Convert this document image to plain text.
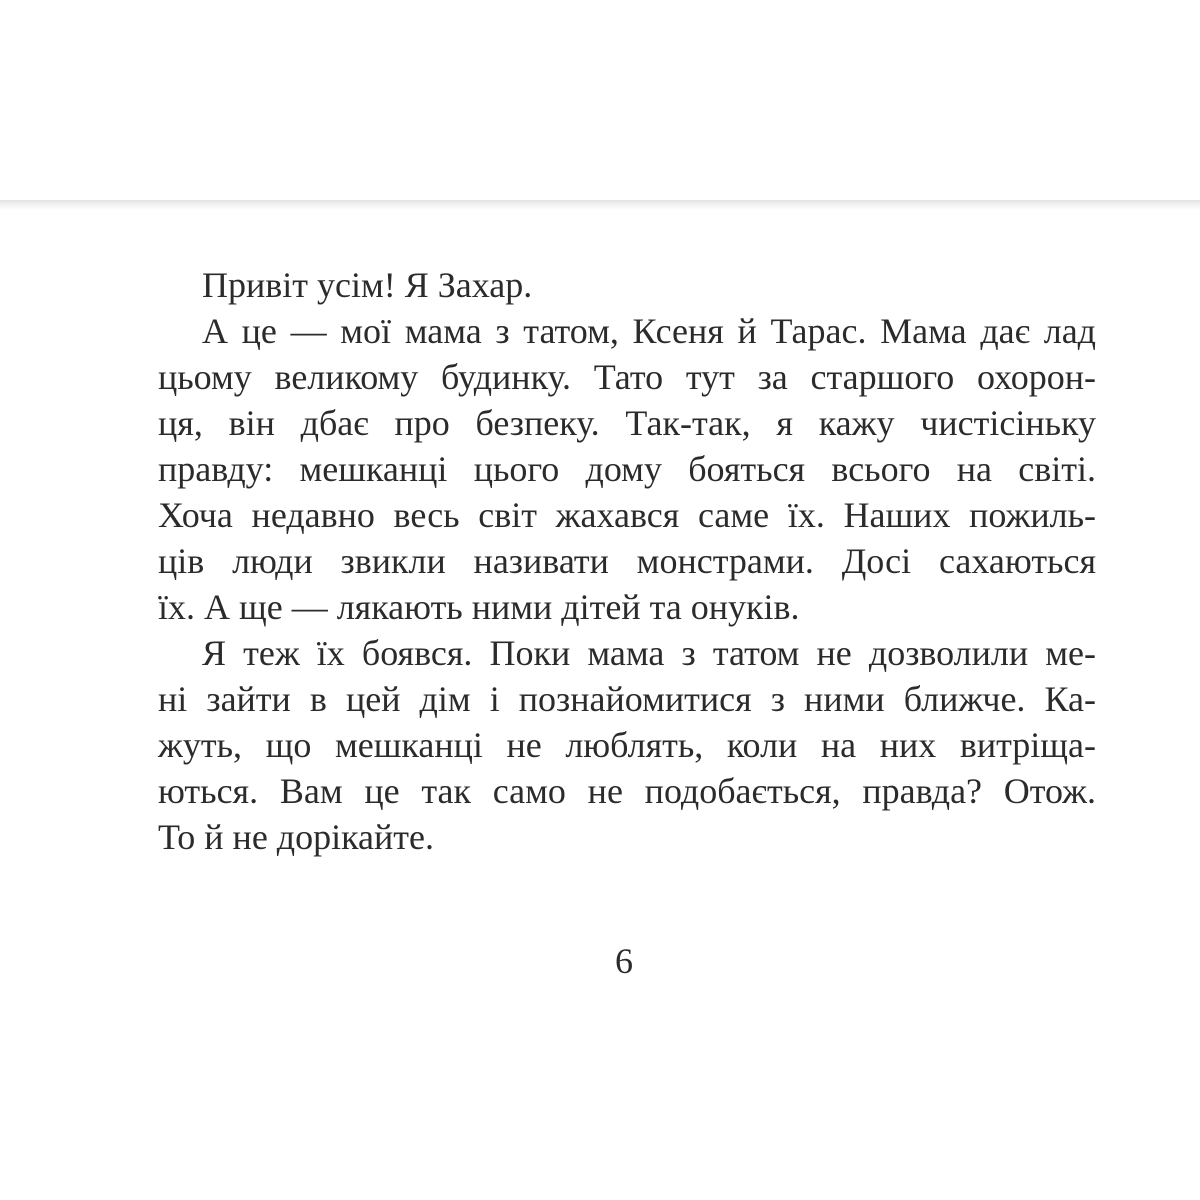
Привіт усім! Я Захар.
А це — мої мама з татом, Ксеня й Тарас. Мама дає лад
цьому великому будинку. Тато тут за старшого охорон-
ця, він дбає про безпеку. Так-так, я кажу чистісіньку
правду: мешканці цього дому бояться всього на світі.
Хоча недавно весь світ жахався саме їх. Наших пожиль-
ців люди звикли називати монстрами. Досі сахаються
їх. А ще — лякають ними дітей та онуків.
Я теж їх боявся. Поки мама з татом не дозволили ме-
ні зайти в цей дім і познайомитися з ними ближче. Ка-
жуть, що мешканці не люблять, коли на них витріща-
ються. Вам це так само не подобається, правда? Отож.
То й не дорікайте.
6
